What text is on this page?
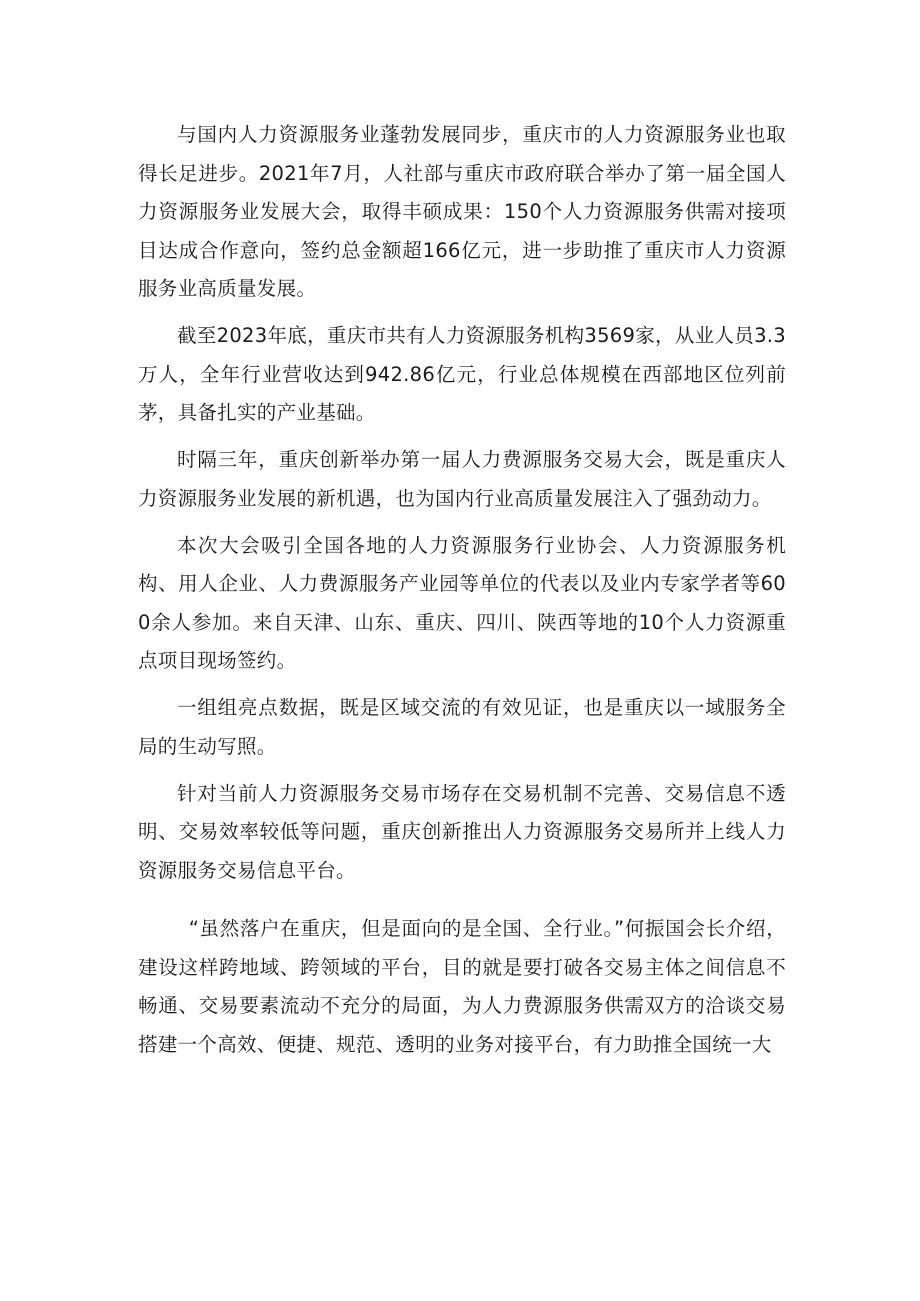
与国内人力资源服务业蓬勃发展同步，重庆市的人力资源服务业也取得长足进步。2021年7月，人社部与重庆市政府联合举办了第一届全国人力资源服务业发展大会，取得丰硕成果：150个人力资源服务供需对接项目达成合作意向，签约总金额超166亿元，进一步助推了重庆市人力资源服务业高质量发展。

截至2023年底，重庆市共有人力资源服务机构3569家，从业人员3.3万人，全年行业营收达到942.86亿元，行业总体规模在西部地区位列前茅，具备扎实的产业基础。

时隔三年，重庆创新举办第一届人力费源服务交易大会，既是重庆人力资源服务业发展的新机遇，也为国内行业高质量发展注入了强劲动力。

本次大会吸引全国各地的人力资源服务行业协会、人力资源服务机构、用人企业、人力费源服务产业园等单位的代表以及业内专家学者等600余人参加。来自天津、山东、重庆、四川、陕西等地的10个人力资源重点项目现场签约。

一组组亮点数据，既是区域交流的有效见证，也是重庆以一域服务全局的生动写照。

针对当前人力资源服务交易市场存在交易机制不完善、交易信息不透明、交易效率较低等问题，重庆创新推出人力资源服务交易所并上线人力资源服务交易信息平台。

“虽然落户在重庆，但是面向的是全国、全行业。”何振国会长介绍，建设这样跨地域、跨领域的平台，目的就是要打破各交易主体之间信息不畅通、交易要素流动不充分的局面，为人力费源服务供需双方的洽谈交易搭建一个高效、便捷、规范、透明的业务对接平台，有力助推全国统一大
